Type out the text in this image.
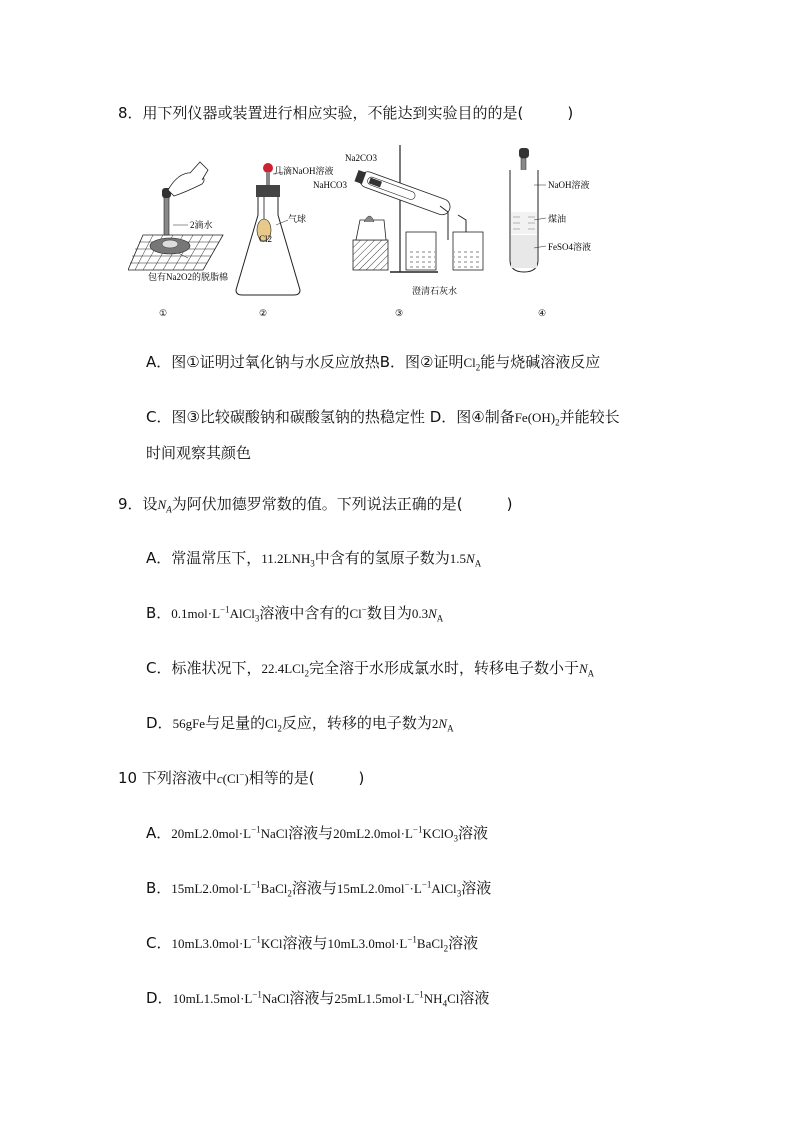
8．用下列仪器或装置进行相应实验，不能达到实验目的的是(	)
2滴水
包有Na2O2的脱脂棉
①
几滴NaOH溶液
气球
Cl2
②
Na2CO3
NaHCO3
澄清石灰水
③
NaOH溶液
煤油
FeSO4溶液
④
A．图①证明过氧化钠与水反应放热B．图②证明$Cl_2$能与烧碱溶液反应
C．图③比较碳酸钠和碳酸氢钠的热稳定性 D．图④制备$Fe(OH)_2$并能较长
时间观察其颜色
9．设$N_A$为阿伏加德罗常数的值。下列说法正确的是(	)
A．常温常压下，$11.2LNH_3$中含有的氢原子数为$1.5N_A$
B．$0.1mol\cdot L^{-1}AlCl_3$溶液中含有的Cl−数目为$0.3N_A$
C．标准状况下，22.4LCl$_2$完全溶于水形成氯水时，转移电子数小于$N_A$
D．56gFe与足量的$Cl_2$反应，转移的电子数为$2N_A$
10 下列溶液中c(Cl−)相等的是(	)
A．$20mL2.0mol\cdot L^{-1}NaCl$溶液与$20mL2.0mol\cdot L^{-1}KClO_3$溶液
B．$15mL2.0mol\cdot L^{-1}BaCl_2$溶液与$15mL2.0mol^-\cdot L^{-1}AlCl_3$溶液
C．$10mL3.0mol\cdot L^{-1}KCl$溶液与$10mL3.0mol\cdot L^{-1}BaCl_2$溶液
D．$10mL1.5mol\cdot L^{-1}NaCl$溶液与$25mL1.5mol\cdot L^{-1}NH_4Cl$溶液
